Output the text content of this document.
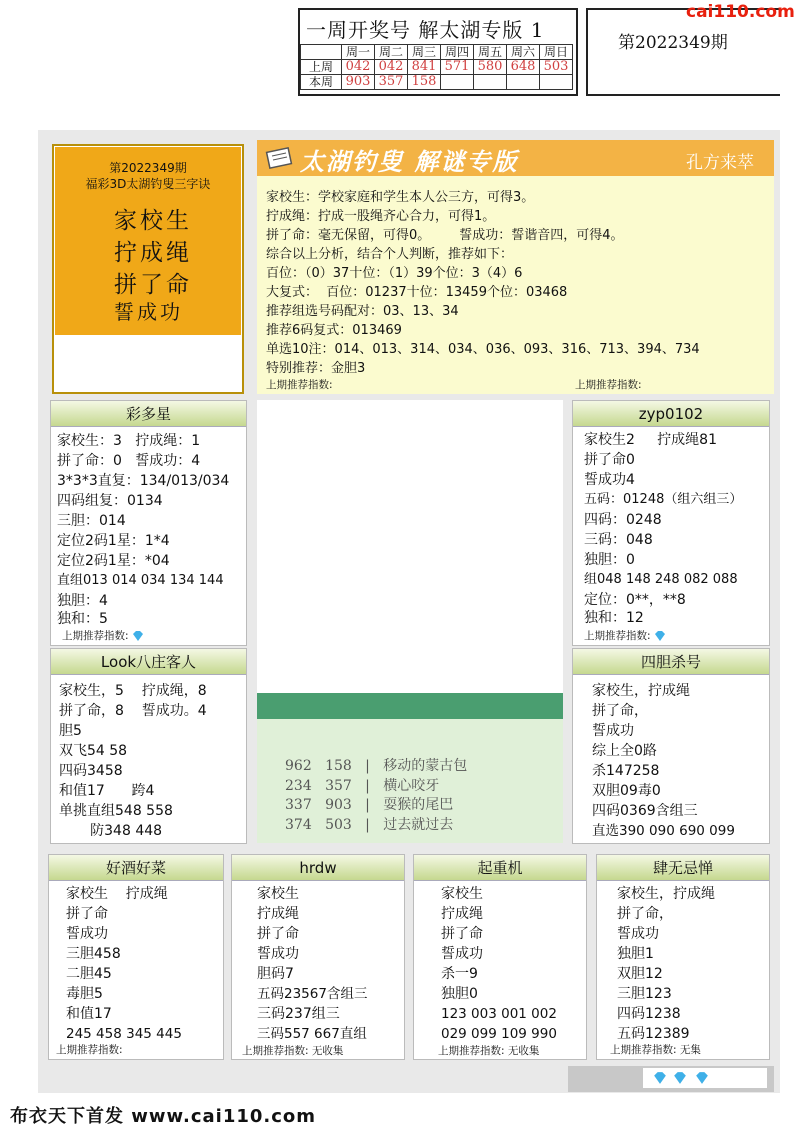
一周开奖号 解太湖专版 1
	周一	周二	周三	周四	周五	周六	周日
上周	042	042	841	571	580	648	503
本周	903	357	158				
第2022349期
cai110.com
第2022349期
福彩3D太湖钓叟三字诀
家校生
拧成绳
拼了命
誓成功
太湖钓叟 解谜专版	孔方来萃
家校生：学校家庭和学生本人公三方，可得3。
拧成绳：拧成一股绳齐心合力，可得1。
拼了命：毫无保留，可得0。       誓成功：誓谐音四，可得4。
综合以上分析，结合个人判断，推荐如下：
百位：（0）37十位：（1）39个位：3（4）6
大复式：  百位：01237十位：13459个位：03468
推荐组选号码配对：03、13、34
推荐6码复式：013469
单选10注：014、013、314、034、036、093、316、713、394、734
特别推荐：金胆3
上期推荐指数:	上期推荐指数:
彩多星
家校生：3   拧成绳：1
拼了命：0   誓成功：4
3*3*3直复：134/013/034
四码组复：0134
三胆：014
定位2码1星：1*4
定位2码1星：*04
直组013 014 034 134 144
独胆：4
独和：5
上期推荐指数:
zyp0102
家校生2     拧成绳81
拼了命0
誓成功4
五码：01248（组六组三）
四码：0248
三码：048
独胆：0
组048 148 248 082 088
定位：0**，**8
独和：12
上期推荐指数:
Look八庄客人
家校生，5    拧成绳，8
拼了命，8    誓成功。4
胆5
双飞54 58
四码3458
和值17      跨4
单挑直组548 558
防348 448
四胆杀号
家校生，拧成绳
拼了命，
誓成功
综上全0路
杀147258
双胆09毒0
四码0369含组三
直选390 090 690 099
962 158   |   移动的蒙古包
234 357   |   横心咬牙
337 903   |   耍猴的尾巴
374 503   |   过去就过去
好酒好菜
家校生    拧成绳
拼了命
誓成功
三胆458
二胆45
毒胆5
和值17
245 458 345 445
上期推荐指数:
hrdw
家校生
拧成绳
拼了命
誓成功
胆码7
五码23567含组三
三码237组三
三码557 667直组
上期推荐指数: 无收集
起重机
家校生
拧成绳
拼了命
誓成功
杀一9
独胆0
123 003 001 002
029 099 109 990
上期推荐指数: 无收集
肆无忌惮
家校生，拧成绳
拼了命，
誓成功
独胆1
双胆12
三胆123
四码1238
五码12389
上期推荐指数: 无集
布衣天下首发 www.cai110.com
